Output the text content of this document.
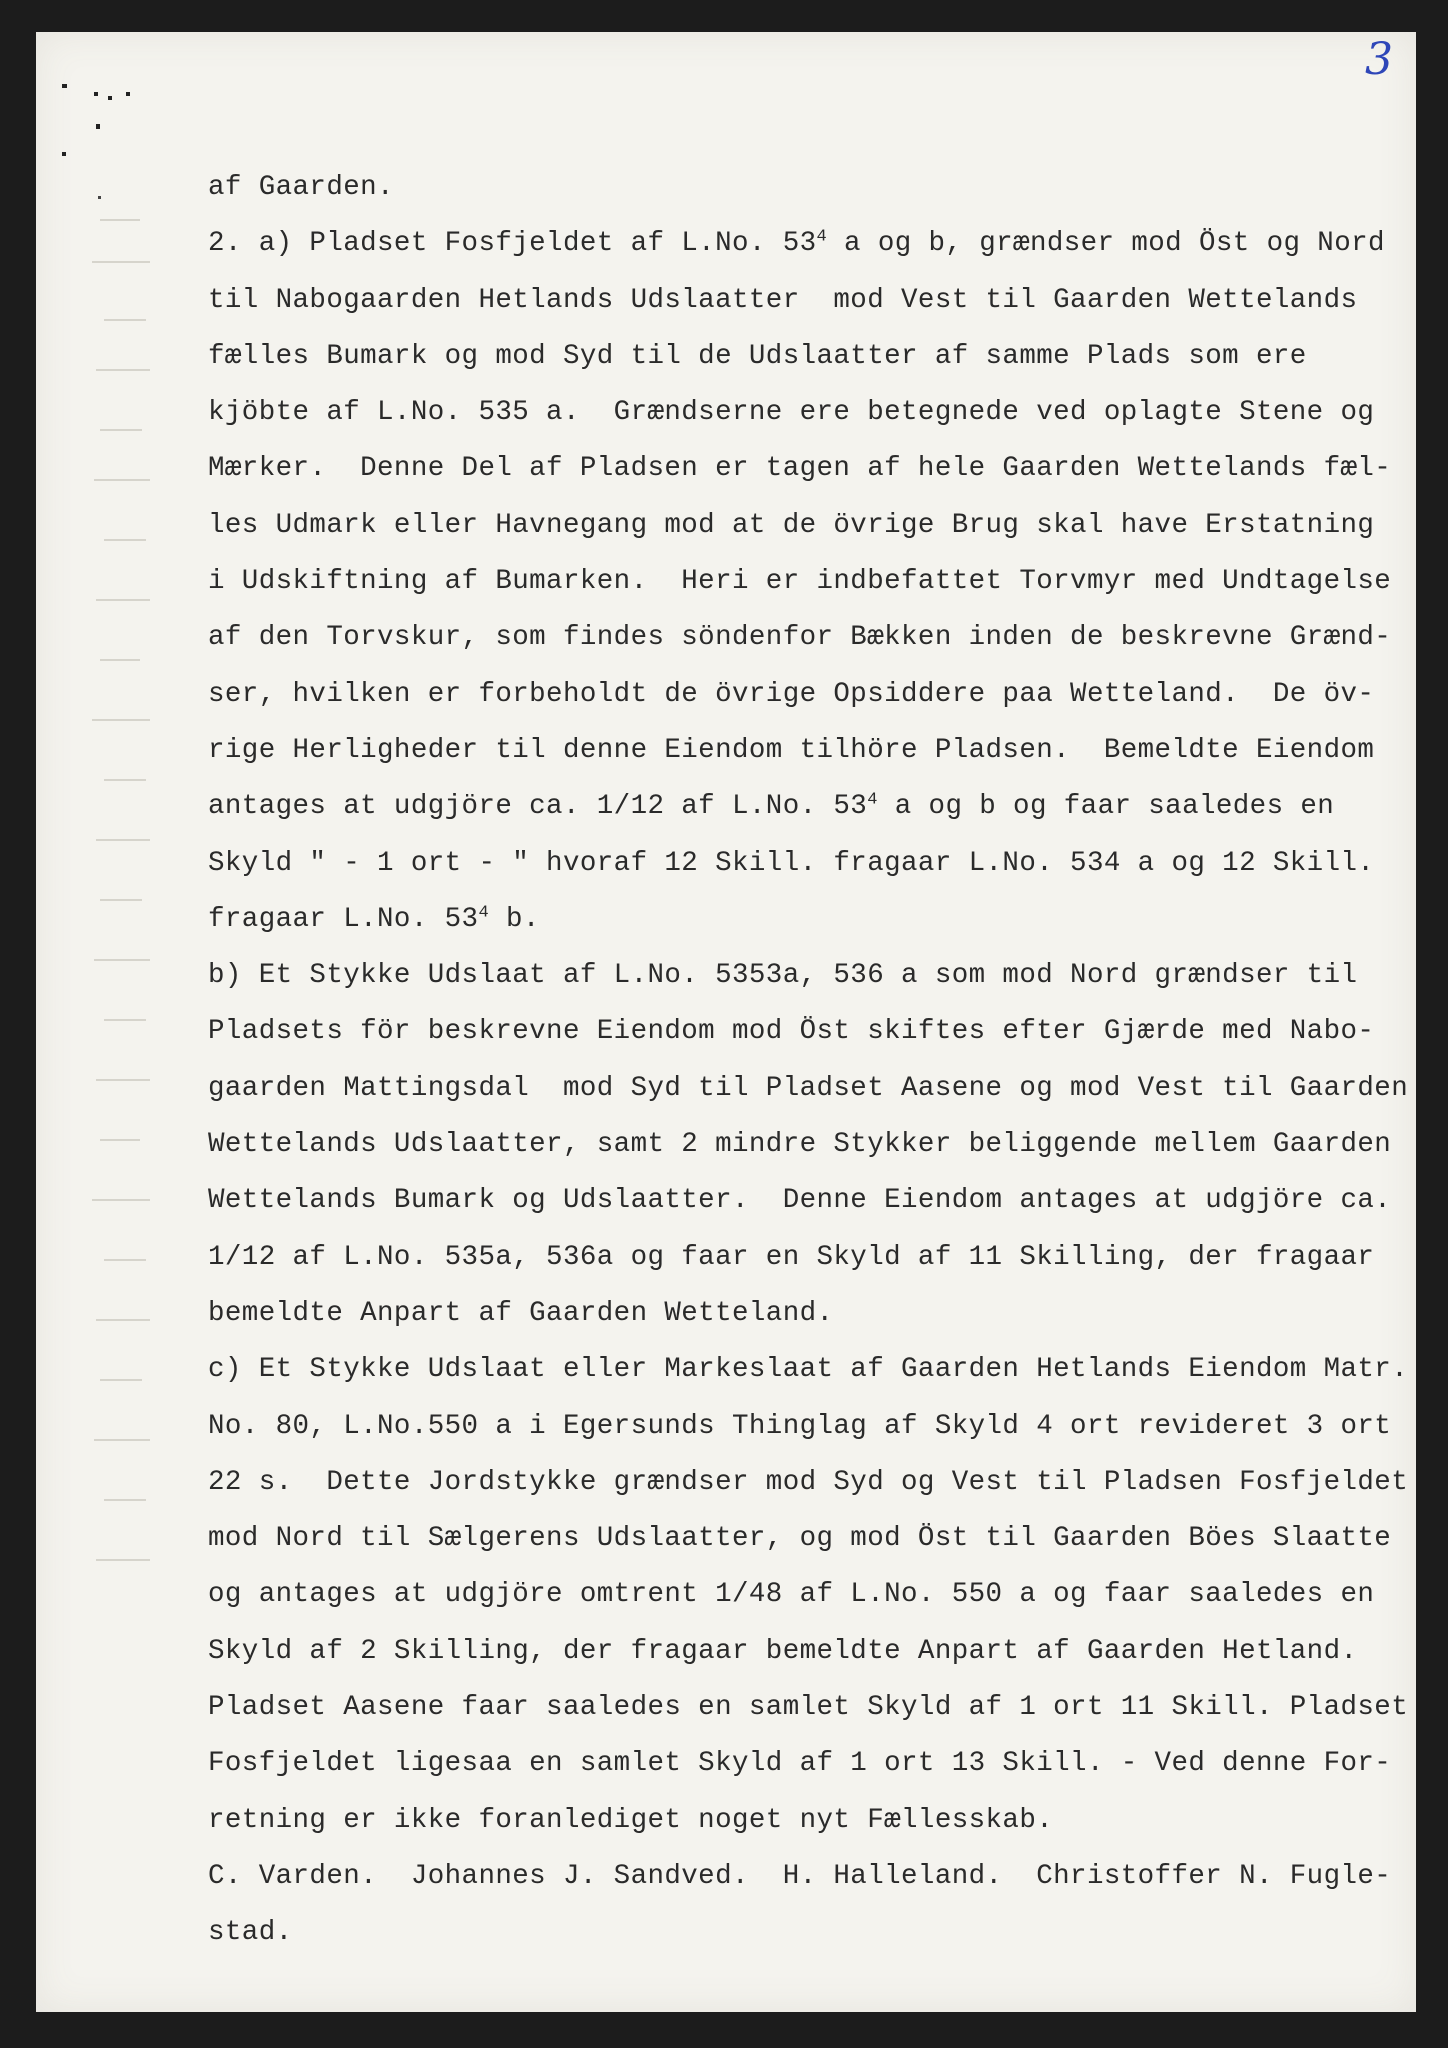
3
af Gaarden.
2. a) Pladset Fosfjeldet af L.No. $53^4$ a og b, grændser mod Öst og Nord
til Nabogaarden Hetlands Udslaatter  mod Vest til Gaarden Wettelands
fælles Bumark og mod Syd til de Udslaatter af samme Plads som ere
kjöbte af L.No. 535 a.  Grændserne ere betegnede ved oplagte Stene og
Mærker.  Denne Del af Pladsen er tagen af hele Gaarden Wettelands fæl-
les Udmark eller Havnegang mod at de övrige Brug skal have Erstatning
i Udskiftning af Bumarken.  Heri er indbefattet Torvmyr med Undtagelse
af den Torvskur, som findes söndenfor Bækken inden de beskrevne Grænd-
ser, hvilken er forbeholdt de övrige Opsiddere paa Wetteland.  De öv-
rige Herligheder til denne Eiendom tilhöre Pladsen.  Bemeldte Eiendom
antages at udgjöre ca. 1/12 af L.No. $53^4$ a og b og faar saaledes en
Skyld " - 1 ort - " hvoraf 12 Skill. fragaar L.No. 534 a og 12 Skill.
fragaar L.No. $53^4$ b.
b) Et Stykke Udslaat af L.No. 5353a, 536 a som mod Nord grændser til
Pladsets för beskrevne Eiendom mod Öst skiftes efter Gjærde med Nabo-
gaarden Mattingsdal  mod Syd til Pladset Aasene og mod Vest til Gaarden
Wettelands Udslaatter, samt 2 mindre Stykker beliggende mellem Gaarden
Wettelands Bumark og Udslaatter.  Denne Eiendom antages at udgjöre ca.
1/12 af L.No. 535a, 536a og faar en Skyld af 11 Skilling, der fragaar
bemeldte Anpart af Gaarden Wetteland.
c) Et Stykke Udslaat eller Markeslaat af Gaarden Hetlands Eiendom Matr.
No. 80, L.No.550 a i Egersunds Thinglag af Skyld 4 ort revideret 3 ort
22 s.  Dette Jordstykke grændser mod Syd og Vest til Pladsen Fosfjeldet
mod Nord til Sælgerens Udslaatter, og mod Öst til Gaarden Böes Slaatte
og antages at udgjöre omtrent 1/48 af L.No. 550 a og faar saaledes en
Skyld af 2 Skilling, der fragaar bemeldte Anpart af Gaarden Hetland.
Pladset Aasene faar saaledes en samlet Skyld af 1 ort 11 Skill. Pladset
Fosfjeldet ligesaa en samlet Skyld af 1 ort 13 Skill. - Ved denne For-
retning er ikke foranlediget noget nyt Fællesskab.
C. Varden.  Johannes J. Sandved.  H. Halleland.  Christoffer N. Fugle-
stad.
